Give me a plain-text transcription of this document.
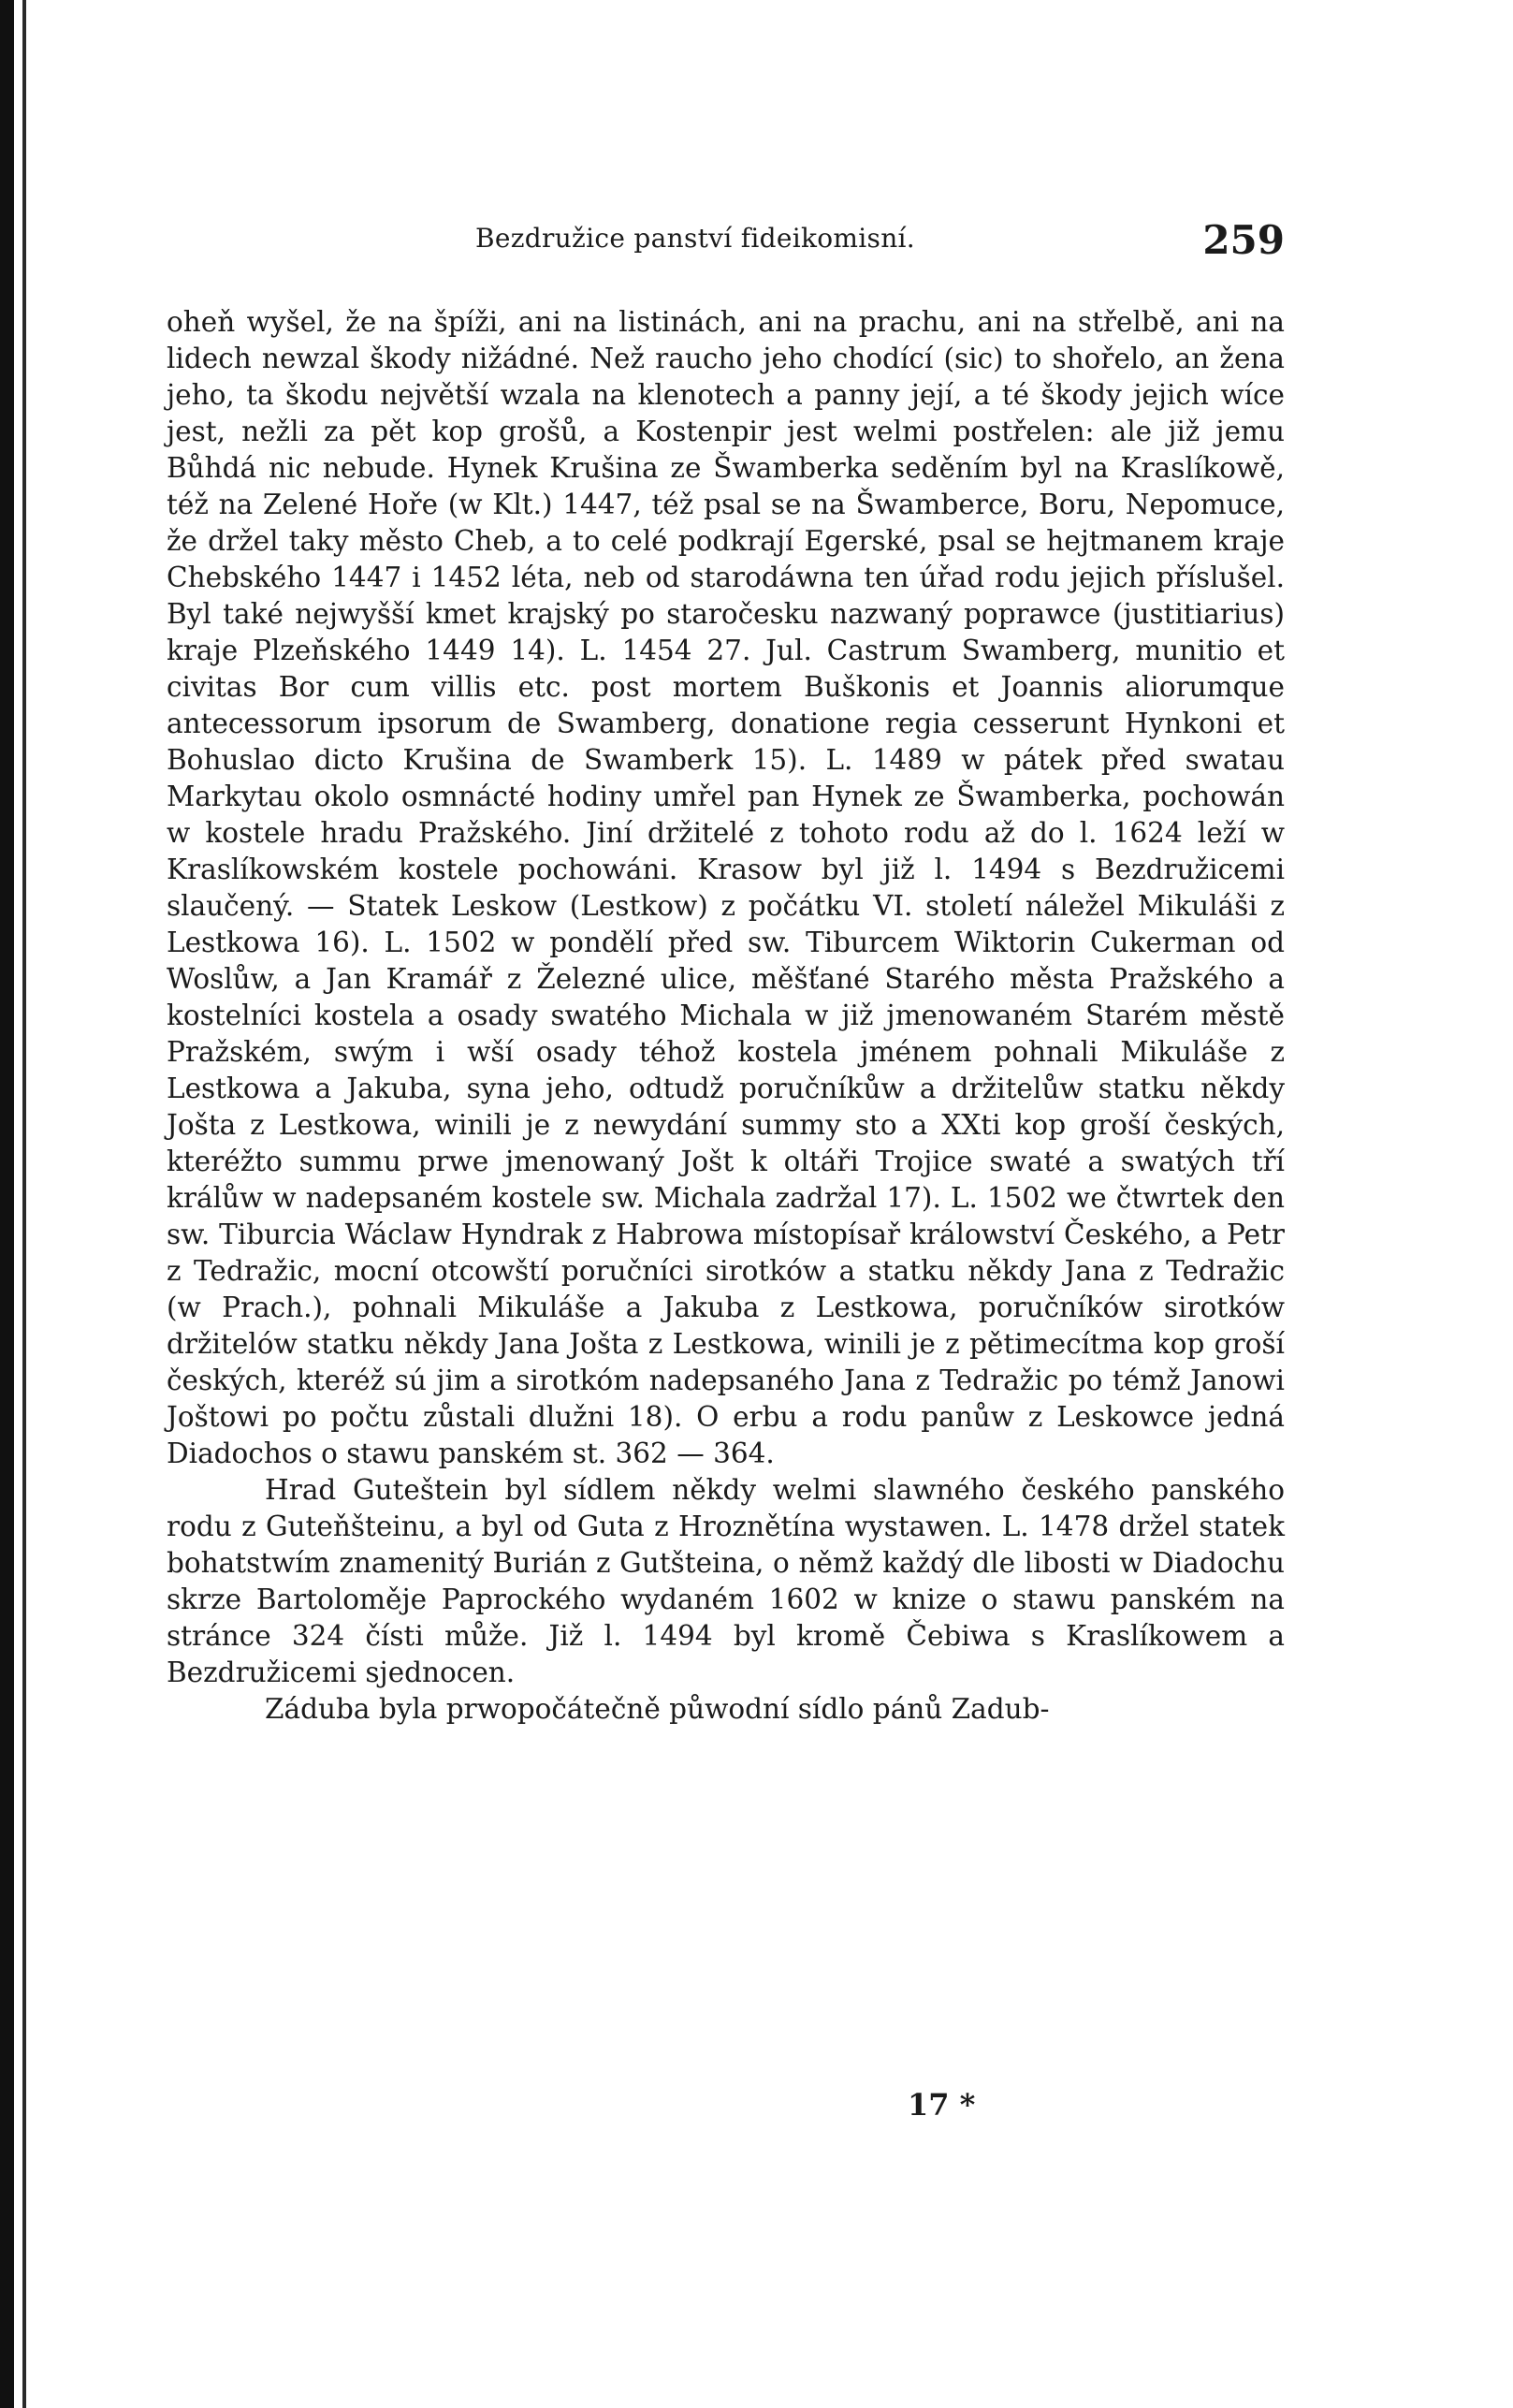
Bezdružice panství fideikomisní.	259

oheň wyšel, že na špíži, ani na listinách, ani na prachu, ani na střelbě, ani na lidech newzal škody nižádné. Než raucho jeho chodící (sic) to shořelo, an žena jeho, ta škodu největší wzala na klenotech a panny její, a té škody jejich wíce jest, nežli za pět kop grošů, a Kostenpir jest welmi postřelen: ale již jemu Bůhdá nic nebude. Hynek Krušina ze Šwamberka seděním byl na Kraslíkowě, též na Zelené Hoře (w Klt.) 1447, též psal se na Šwamberce, Boru, Nepomuce, že držel taky město Cheb, a to celé podkrají Egerské, psal se hejtmanem kraje Chebského 1447 i 1452 léta, neb od starodáwna ten úřad rodu jejich příslušel. Byl také nejwyšší kmet krajský po staročesku nazwaný poprawce (justitiarius) kraje Plzeňského 1449 14). L. 1454 27. Jul. Castrum Swamberg, munitio et civitas Bor cum villis etc. post mortem Buškonis et Joannis aliorumque antecessorum ipsorum de Swamberg, donatione regia cesserunt Hynkoni et Bohuslao dicto Krušina de Swamberk 15). L. 1489 w pátek před swatau Markytau okolo osmnácté hodiny umřel pan Hynek ze Šwamberka, pochowán w kostele hradu Pražského. Jiní držitelé z tohoto rodu až do l. 1624 leží w Kraslíkowském kostele pochowáni. Krasow byl již l. 1494 s Bezdružicemi slaučený. — Statek Leskow (Lestkow) z počátku VI. století náležel Mikuláši z Lestkowa 16). L. 1502 w pondělí před sw. Tiburcem Wiktorin Cukerman od Woslůw, a Jan Kramář z Železné ulice, měšťané Starého města Pražského a kostelníci kostela a osady swatého Michala w již jmenowaném Starém městě Pražském, swým i wší osady téhož kostela jménem pohnali Mikuláše z Lestkowa a Jakuba, syna jeho, odtudž poručníkůw a držitelůw statku někdy Jošta z Lestkowa, winili je z newydání summy sto a XXti kop groší českých, kteréžto summu prwe jmenowaný Jošt k oltáři Trojice swaté a swatých tří králůw w nadepsaném kostele sw. Michala zadržal 17). L. 1502 we čtwrtek den sw. Tiburcia Wáclaw Hyndrak z Habrowa místopísař králowství Českého, a Petr z Tedražic, mocní otcowští poručníci sirotków a statku někdy Jana z Tedražic (w Prach.), pohnali Mikuláše a Jakuba z Lestkowa, poručníków sirotków držitelów statku někdy Jana Jošta z Lestkowa, winili je z pětimecítma kop groší českých, kteréž sú jim a sirotkóm nadepsaného Jana z Tedražic po témž Janowi Joštowi po počtu zůstali dlužni 18). O erbu a rodu panůw z Leskowce jedná Diadochos o stawu panském st. 362 — 364.

Hrad Guteštein byl sídlem někdy welmi slawného českého panského rodu z Guteňšteinu, a byl od Guta z Hroznětína wystawen. L. 1478 držel statek bohatstwím znamenitý Burián z Gutšteina, o němž každý dle libosti w Diadochu skrze Bartoloměje Paprockého wydaném 1602 w knize o stawu panském na stránce 324 čísti může. Již l. 1494 byl kromě Čebiwa s Kraslíkowem a Bezdružicemi sjednocen.

Záduba byla prwopočátečně půwodní sídlo pánů Zadub-

17 *
